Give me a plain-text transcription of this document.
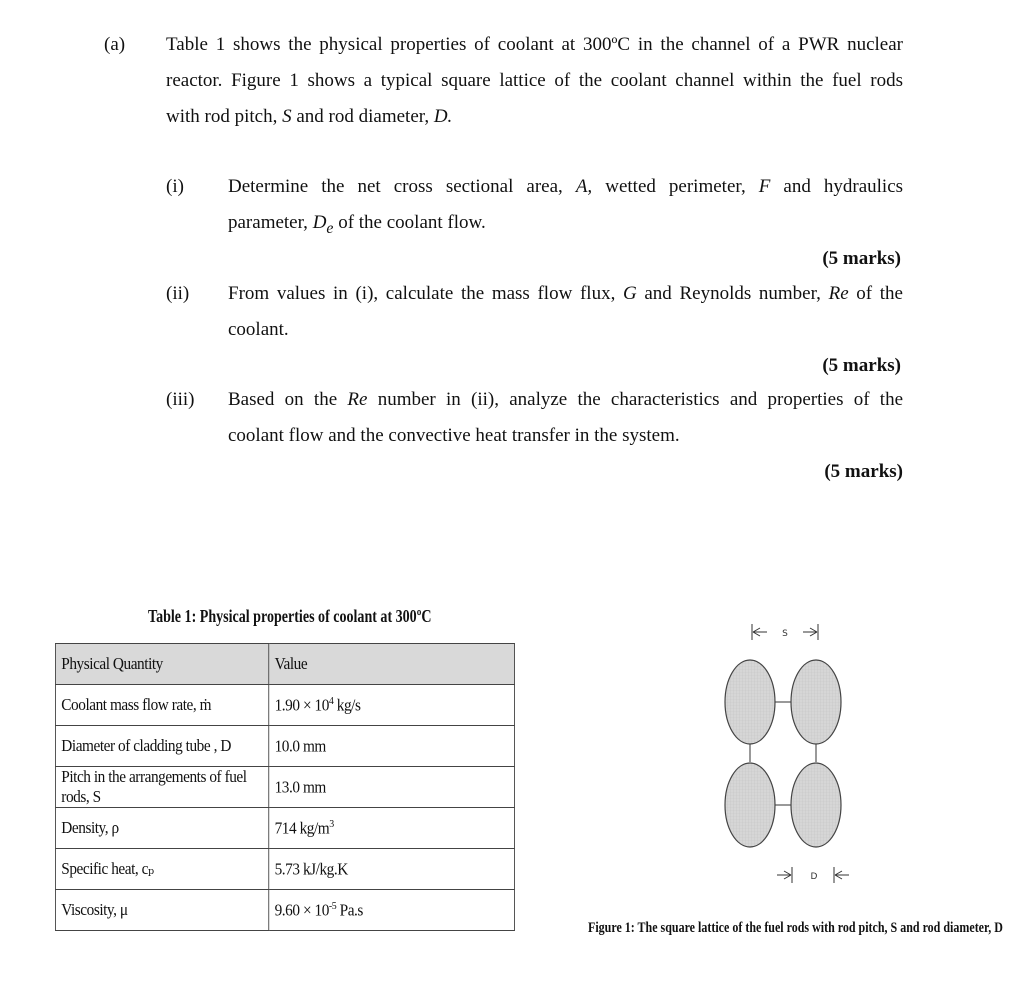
(a) Table 1 shows the physical properties of coolant at 300ºC in the channel of a PWR nuclear
reactor. Figure 1 shows a typical square lattice of the coolant channel within the fuel rods
with rod pitch, S and rod diameter, D.
(i) Determine the net cross sectional area, A, wetted perimeter, F and hydraulics
parameter, $D_e$ of the coolant flow.
(5 marks)
(ii) From values in (i), calculate the mass flow flux, G and Reynolds number, Re of the
coolant.
(5 marks)
(iii) Based on the Re number in (ii), analyze the characteristics and properties of the
coolant flow and the convective heat transfer in the system.
(5 marks)
Table 1: Physical properties of coolant at 300ºC
Physical Quantity	Value
Coolant mass flow rate, ṁ	$1.90 \times 10^4$ kg/s
Diameter of cladding tube , D	10.0 mm
Pitch in the arrangements of fuel rods, S	13.0 mm
Density, ρ	714 $kg/m^3$
Specific heat, cₚ	5.73 kJ/kg.K
Viscosity, μ	$9.60 \times 10^{-5}$ Pa.s
S
D
Figure 1: The square lattice of the fuel rods with rod pitch, S and rod diameter, D
